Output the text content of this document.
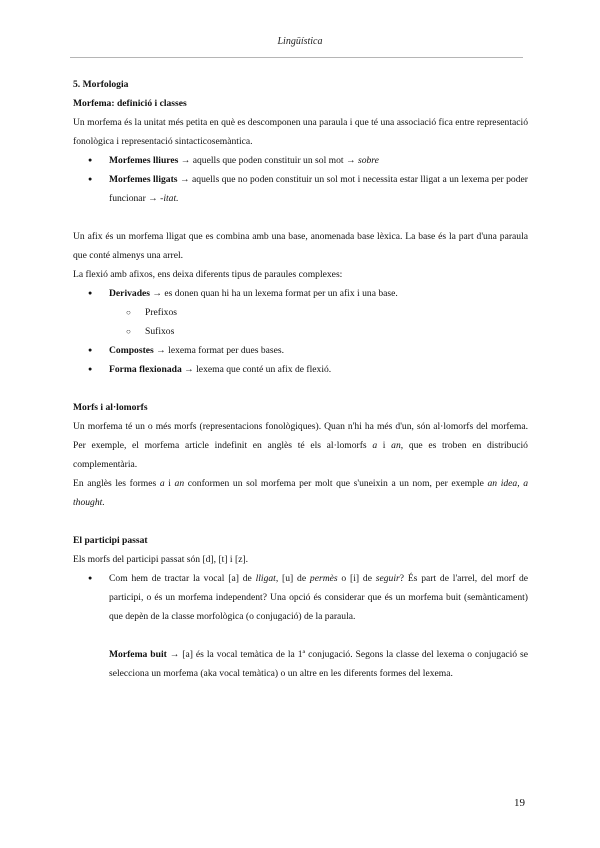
Lingüística

5. Morfologia

Morfema: definició i classes

Un morfema és la unitat més petita en què es descomponen una paraula i que té una associació fica entre representació fonològica i representació sintacticosemàntica.

● Morfemes lliures → aquells que poden constituir un sol mot → sobre
● Morfemes lligats → aquells que no poden constituir un sol mot i necessita estar lligat a un lexema per poder funcionar → -itat.

Un afix és un morfema lligat que es combina amb una base, anomenada base lèxica. La base és la part d'una paraula que conté almenys una arrel.

La flexió amb afixos, ens deixa diferents tipus de paraules complexes:

● Derivades → es donen quan hi ha un lexema format per un afix i una base.
○ Prefixos
○ Sufixos
● Compostes → lexema format per dues bases.
● Forma flexionada → lexema que conté un afix de flexió.

Morfs i al·lomorfs

Un morfema té un o més morfs (representacions fonològiques). Quan n'hi ha més d'un, són al·lomorfs del morfema. Per exemple, el morfema article indefinit en anglès té els al·lomorfs a i an, que es troben en distribució complementària.

En anglès les formes a i an conformen un sol morfema per molt que s'uneixin a un nom, per exemple an idea, a thought.

El participi passat

Els morfs del participi passat són [d], [t] i [z].

● Com hem de tractar la vocal [a] de lligat, [u] de permès o [i] de seguir? És part de l'arrel, del morf de participi, o és un morfema independent? Una opció és considerar que és un morfema buit (semànticament) que depèn de la classe morfològica (o conjugació) de la paraula.

Morfema buit → [a] és la vocal temàtica de la 1ª conjugació. Segons la classe del lexema o conjugació se selecciona un morfema (aka vocal temàtica) o un altre en les diferents formes del lexema.

19
